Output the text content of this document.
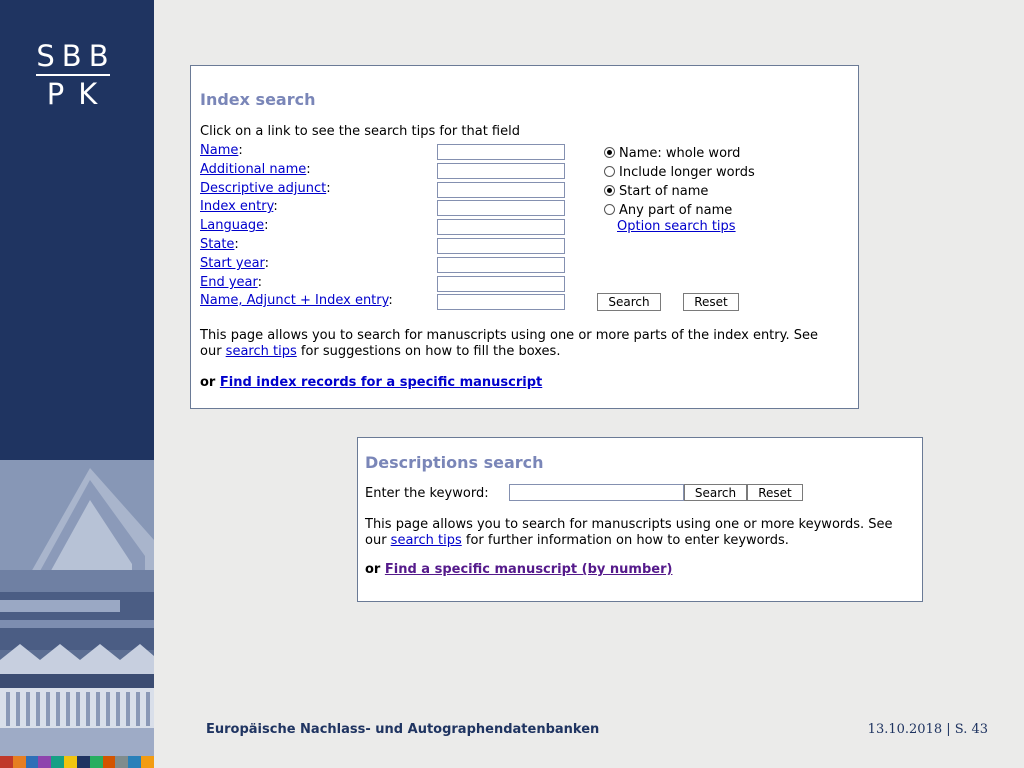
SBB
PK	Index search
Click on a link to see the search tips for that field
Name:
Additional name:
Descriptive adjunct:
Index entry:
Language:
State:
Start year:
End year:
Name, Adjunct + Index entry:
Name: whole word
Include longer words
Start of name
Any part of name
Option search tips
Search	Reset
This page allows you to search for manuscripts using one or more parts of the index entry. See
our search tips for suggestions on how to fill the boxes.
or Find index records for a specific manuscript
Descriptions search
Enter the keyword:	Search	Reset
This page allows you to search for manuscripts using one or more keywords. See
our search tips for further information on how to enter keywords.
or Find a specific manuscript (by number)
Europäische Nachlass- und Autographendatenbanken	13.10.2018 | S. 43
